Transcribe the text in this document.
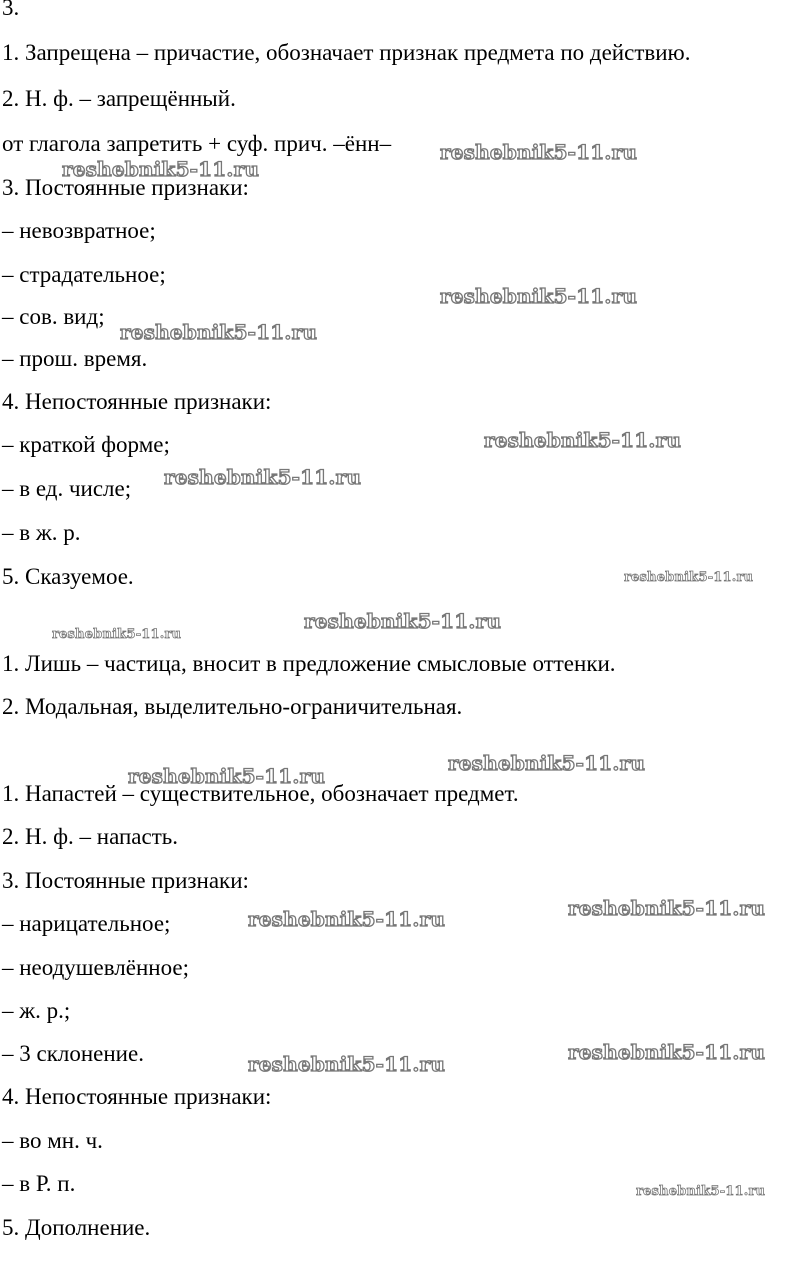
3.
1. Запрещена – причастие, обозначает признак предмета по действию.
2. Н. ф. – запрещённый.
от глагола запретить + суф. прич. –ённ–
3. Постоянные признаки:
– невозвратное;
– страдательное;
– сов. вид;
– прош. время.
4. Непостоянные признаки:
– краткой форме;
– в ед. числе;
– в ж. р.
5. Сказуемое.
1. Лишь – частица, вносит в предложение смысловые оттенки.
2. Модальная, выделительно-ограничительная.
1. Напастей – существительное, обозначает предмет.
2. Н. ф. – напасть.
3. Постоянные признаки:
– нарицательное;
– неодушевлённое;
– ж. р.;
– 3 склонение.
4. Непостоянные признаки:
– во мн. ч.
– в Р. п.
5. Дополнение.
reshebnik5-11.ru
reshebnik5-11.ru
reshebnik5-11.ru
reshebnik5-11.ru
reshebnik5-11.ru
reshebnik5-11.ru
reshebnik5-11.ru
reshebnik5-11.ru
reshebnik5-11.ru
reshebnik5-11.ru
reshebnik5-11.ru
reshebnik5-11.ru
reshebnik5-11.ru
reshebnik5-11.ru
reshebnik5-11.ru
reshebnik5-11.ru
